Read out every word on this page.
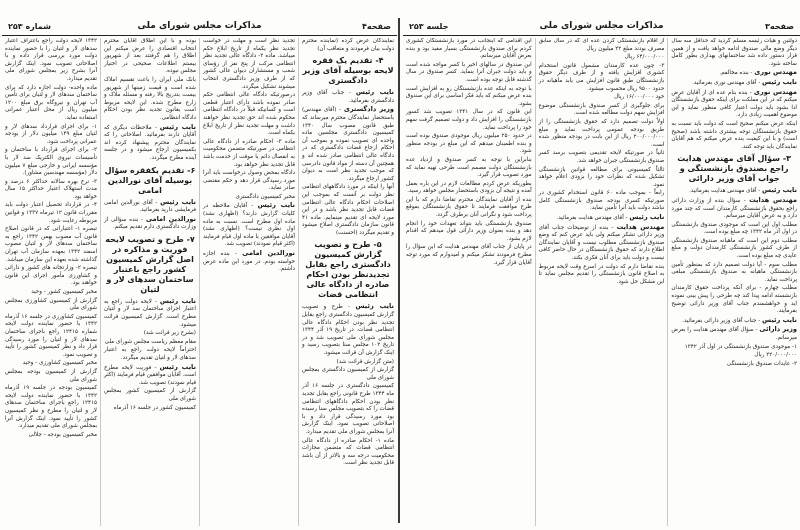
صفحه۴
مذاکرات مجلس شورای ملی
شماره ۲۵۳

نمایندگان عرض کرده (نماینده محترم دولت بیان فرمودند و متعاقب آن)

۴- تقدیم یک فقره لایحه بوسیله آقای وزیر دادگستری

نایب رئیس - جناب آقای وزیر دادگستری بفرمائید.

وزیر دادگستری - (آقای مهندس) باستحضار نمایندگان محترم میرساند که طبق قانون مصوب سال ۱۳۴۰ کمیسیون دادگستری مجلسین ماده واحده ای تصویب نموده و بموجب آن احکام ارجاع قضات دادگستری که در دادگاه عالی انتظامی صادر شده اند و همچنین آن دسته از مواد قانون دادرسی که موجب تجدید نظر است به دیوان کشور ارجاع میگردد.

آنها را اینکه در مورد دادگاههای انتظامی نظر دولت بر آنست که بموجب این اصلاحات احکام دادگاه عالی انتظامی قضات قابل تجدید نظر باشد و در این مورد لایحه ای تقدیم مینمایم. ماده ۴۱ قانون سازمان دادگستری اصلاح میشود و تقدیم میگردد (احسنت)

۵- طرح و تصویب گزارش کمیسیون دادگستری راجع بقابل تجدیدنظر بودن احکام صادره از دادگاه عالی انتظامی قضات

نایب رئیس - طرح و تصویب گزارش کمیسیون دادگستری راجع بقابل تجدید نظر بودن احکام دادگاه عالی انتظامی قضات. در تاریخ ۱۹ آذر ۱۳۴۴ مجلس شورای ملی تصویب شد و در تاریخ ۱۰۲ مجلس سنا بتصویب رسید و اینک گزارش آن قرائت میشود.

(متن گزارش قرائت شد)

گزارش از کمیسیون دادگستری بمجلس شورای ملی

کمیسیون دادگستری در جلسه ۱۶ آذر ماه ۱۳۴۴ طرح قانونی راجع بقابل تجدید نظر بودن احکام دادگاههای انتظامی قضات را که بتصویب مجلس سنا رسیده بود مورد رسیدگی قرار داد و با اصلاحاتی تصویب نمود. اینک گزارش آنرا بمجلس شورای ملی تقدیم میدارد.

ماده ۱- احکام صادره از دادگاه عالی انتظامی قضات که متضمن مجازات محکومیت درجه سه و بالاتر از آن باشد قابل تجدید نظر است.

تجدید نظر است و مهلت در خواست تجدید نظر یکماه از تاریخ ابلاغ حکم میباشد. ماده ۲- دادگاه عالی تجدید نظر انتظامی مرکب از پنج نفر از رؤسای شعب و مستشاران دیوان عالی کشور که از طرف وزیر دادگستری انتخاب میشوند تشکیل میگردد.

درصورتیکه دادگاه عالی انتظامی حکم صادر نموده باشد دارای اعتبار قطعی است و کسانیکه قبلاً در دادگاه انتظامی محکوم شده اند حق تجدید نظر خواهند داشت و مهلت تجدید نظر از تاریخ ابلاغ یکماه است.

ماده ۳- احکام صادره از دادگاه عالی انتظامی در صورتیکه متضمن محکومیت به انفصال دائم یا موقت از خدمت باشد قابل تجدید نظر خواهد بود.

دادگاه بمحض وصول درخواست باید آنرا مورد رسیدگی قرار دهد و حکم مقتضی صادر نماید.

مخبر کمیسیون دادگستری

نایب رئیس - آقایان ملاحظه در کلیات گزارش دارند؟ (اظهاری نشد) ماده اول مطرح است. نسبت به ماده اول نظری نیست؟ (اظهاری نشد) آقایان موافقین با ماده اول قیام فرمایند (اکثر قیام نمودند) تصویب شد.

نورالدین امامی - بنده اجازه خواسته بودم. در مورد این ماده عرض داشتم.

بوده و با این اطلاق آقایان محترم انتخاب اقتصادی را عرض میکنم این اطلاق را هم گرفتند بعد از شهریور بیستم اطلاعات صحیحی در اختیار مجلس نبوده.

بانک ملی ایران را باعث تقسیم املاک شده است و قیمت زمینها از شهریور بیست بتدریج بالا رفته و مسئله ملاک و زارع مطرح شده. این لایحه مربوط است بقانون تجدید نظر بودن احکام دادگاه انتظامی.

نایب رئیس - ملاحظات دیگری که آقایان دارند بفرمائید. اصلاحاتی را که نمایندگان محترم پیشنهاد کرده اند بکمیسیون ارجاع میشود و در جلسه آینده مطرح میگردد.

۶- تقدیم یکفقره سؤال بوسیله آقای نورالدین امامی

نایب رئیس - آقای نورالدین امامی فرمایشی دارید بفرمائید.

نورالدین امامی - بنده سؤالی از وزارت دادگستری دارم تقدیم میکنم.

۷- طرح و تصویب لایحه فوریت و مذاکره در اصل گزارش کمیسیون کشور راجع باعتبار ساختمان سدهای لار و لتیان

نایب رئیس - لایحه دولت راجع به اعتبار اجرای ساختمان سد لار و لتیان مطرح است. گزارش کمیسیون قرائت میشود.

(بشرح زیر قرائت شد)

مقام معظم ریاست مجلس شورای ملی

احتراماً لایحه دولت راجع به اعتبار سدهای لار و لتیان تقدیم میگردد.

نایب رئیس - فوریت لایحه مطرح است. آقایان موافقین قیام فرمایند (اکثر قیام نمودند) تصویب شد.

گزارش از کمیسیون کشور بمجلس شورای ملی

کمیسیون کشور در جلسه ۱۶ آذرماه

۱۳۴۲ لایحه دولت راجع باعتراف اعتبار سدهای لار و لتیان را با حضور نماینده دولت مورد بررسی قرار داده و با اصلاحاتی تصویب نمود. اینک گزارش آنرا بشرح زیر بمجلس شورای ملی تقدیم میدارد.

ماده واحده- دولت اجازه دارد که برای ساختمان سدهای لار و لتیان برای تأمین آب تهران و نیروگاه برق مبلغ ۱۲۰۰ میلیون ریال از محل اعتبار عمرانی استفاده نماید.

۱- برای اجرای قرارداد سدهای لار و لتیان مبلغ ۱۴۹ میلیون دلار از بودجه عمرانی پرداخت شود.

۲- برای اجرای قرارداد با ساختمان و تأسیسات نیروی الکتریک سد لار با مؤسسه ایرانی و خارجی مبلغ ۷ میلیون دلار (مؤسسه مهندسین مشاور).

۳- نرخ بهره سالانه حداکثر ۶ درصد و مدت استهلاک اعتبار حداکثر ۱۵ سال خواهد بود.

۴- در قرارداد تحصیل اعتبار دولت باید مقررات قانون ۱۲ تیرماه ۱۳۳۷ و قوانین مربوطه رعایت شود.

تبصره ۱- اعتباراتی که در قانون اصلاح قانون آب مصوب بهمن ۱۳۴۲ راجع به ساختمان سدهای لار و لتیان مصوب اسفند ۱۳۴۲ بعهده سازمان آب تهران گذاشته شده بعهده این سازمان میباشد.

تبصره ۲- وزارتخانه های کشور و دارائی و کشاورزی مأمور اجرای این قانون خواهند بود.

مخبر کمیسیون کشور - وحید

گزارش از کمیسیون کشاورزی بمجلس شورای ملی

کمیسیون کشاورزی در جلسه ۱۶ آذرماه ۱۳۴۲ با حضور نماینده دولت لایحه شماره ۱۲۴۱۵ راجع باجرای ساختمان سدهای لار و لتیان را مورد رسیدگی قرار داد و نظر کمیسیون کشور را تأیید و تصویب نمود.

مخبر کمیسیون کشاورزی - وحید

گزارش از کمیسیون بودجه بمجلس شورای ملی

کمیسیون بودجه در جلسه ۱۹ آذرماه ۱۳۴۲ با حضور نماینده دولت لایحه ۱۲۴۱۵ راجع باجرای ساختمان سدهای لار و لتیان را مطرح و نظر کمیسیون کشور را تأیید نمود. اینک گزارش آنرا بمجلس شورای ملی تقدیم میدارد.

مخبر کمیسیون بودجه - جلالی

صفحه۳
مذاکرات مجلس شورای ملی
جلسه ۲۵۳

دولتین و هیأت رئیسه مسلم گردید که حداقل سه سال دیگر وضع مالی صندوق ادامه خواهد یافت و از همین قرار دستور داده شد ساختمانهای بهداری بطور کامل ساخته شود.

مهندس نوری - بنده مخالفم.

نایب رئیس - آقای مهندس نوری بفرمائید.

مهندس نوری - بنده بنام عده ای از آقایان عرض میکنم که در این مملکت برای اینکه حقوق بازنشستگان ادا بشود باید دولت اعتبار کافی منظور نماید و این موضوع اهمیت زیادی دارد.

اینکه عرض میکنم صحیح است که دولت باید نسبت به حقوق بازنشستگان توجه بیشتری داشته باشد (صحیح است) و با این کیفیت بنده عرض میکنم که هم آقایان نمایندگان باید توجه کنند.

۳- سؤال آقای مهندس هدایت راجع بصندوق بازنشستگی و جواب آقای وزیر دارائی

نایب رئیس - آقای مهندس هدایت بفرمائید.

مهندس هدایت - سؤال بنده از وزارت دارائی راجع بحقوق بازنشستگی کارمندان است که چند مورد دارد و به عرض آقایان میرسانم.

مطلب اول این است که موجودی صندوق بازنشستگی در اول آذر ماه ۱۳۴۲ چه مبلغ بوده است.

مطلب دوم این است که ماهیانه صندوق بازنشستگی از طرف کشور بازنشستگی کارمندان دولت و مبلغ عایدی چه مبلغ بوده است.

مطلب سوم - آیا دولت تصمیم دارد که بمنظور تأمین بازنشستگی ماهیانه به صندوق بازنشستگی مبلغی پرداخت نماید.

مطلب چهارم - برای آنکه پرداخت حقوق کارمندان بازنشسته ادامه پیدا کند چه طرحی را پیش بینی نموده اید و خواهشمندم جناب آقای وزیر دارائی توضیح بفرمایند.

نایب رئیس - جناب آقای وزیر دارائی بفرمائید.

وزیر دارائی - سؤال آقای مهندس هدایت را بعرض میرسانم.

۱- موجودی صندوق بازنشستگی در اول آذر ۱۳۴۲

۲۲۰/۰۰۰/۰۰۰ ریال

۲- عایدات صندوق بازنشستگی

از اقلام بازنشستگی کردن عده ای که در سال سابق مصرف بودند مبلغ ۲۲ میلیون ریال

۶۴/۰۰۰/۰۰۰ ریال

۳- چون عده کارمندان مشمول قانون استخدام کشوری افزایش یافته و از طرف دیگر حقوق بازنشستگان طبق قانون افزایش می یابد ماهیانه در حدود ۹۵۰۰ ریال محسوب میشود.

خود ۱۶/۰۰۰/۰۰۰ ریال

برای جلوگیری از کسر صندوق بازنشستگی موضوع افزایش سهم دولت مطالعه شده است.

اولاً دولت تصمیم دارد که حقوق بازنشستگی را از طریق بودجه عمومی پرداخت نماید و مبلغ ۲۰۰/۰۰۰/۰۰۰ ریال از این بابت در بودجه منظور شده است.

ثانیاً در صورتیکه لایحه تقدیمی بتصویب برسد کسر صندوق بازنشستگی جبران خواهد شد.

ثالثاً کمیسیونی برای مطالعه قوانین بازنشستگی تشکیل شده که نظرات خود را بزودی اعلام خواهد نمود.

رابعاً - بموجب ماده ۶۰ قانون استخدام کشوری در صورتیکه کسری بودجه صندوق بازنشستگی کامل نباشد دولت باید آنرا تأمین نماید.

نایب رئیس - آقای مهندس هدایت بفرمائید.

مهندس هدایت - بنده از توضیحات جناب آقای وزیر دارائی تشکر میکنم ولی باید عرض کنم که وضع صندوق بازنشستگی مطلوب نیست و آقایان نمایندگان اطلاع دارند که حقوق بازنشستگان در حال حاضر کافی نیست و دولت باید برای آنان فکری بکند.

بنده تقاضا دارم که دولت در اسرع وقت لایحه مربوط به اصلاح قانون بازنشستگی را تقدیم مجلس نماید تا این مشکل حل شود.

این اقدامی که اینجانب در مورد بازنشستگان کشوری کردم برای صندوق بازنشستگی بسیار مفید بود و بنده بعرض آقایان میرسانم.

این صندوق در سالهای اخیر با کسر مواجه شده است و باید دولت جبران آنرا بنماید. کسر صندوق در سال گذشته قابل توجه بوده است.

با توجه به اینکه عده بازنشستگان رو به افزایش است بنده عرض میکنم که باید فکر اساسی برای این صندوق بشود.

این قانون که در سال ۱۳۴۱ تصویب شد کسور بازنشستگی را افزایش داد و دولت تصمیم گرفت سهم خود را پرداخت نماید.

در حدود ۲۵۰ میلیون ریال موجودی صندوق بوده است و بنده اطمینان میدهم که این مبلغ در بودجه منظور شود.

بنابراین با توجه به کسر صندوق و ازدیاد عده بازنشستگان دولت مصمم است طرحی تهیه نماید که مورد تصویب قرار گیرد.

بطوریکه عرض کردم مطالعات لازم در این باره بعمل آمده و نتیجه آن بزودی باستحضار مجلس خواهد رسید.

بنده از آقایان نمایندگان محترم تقاضا دارم که با این طرح موافقت فرمایند تا حقوق بازنشستگان بموقع پرداخت شود و نگرانی آنان برطرف گردد.

صندوق بازنشستگی باید بتواند تعهدات خود را انجام دهد و بنده بعنوان وزیر دارائی قول میدهم که اقدام لازم بشود.

در پایان از جناب آقای مهندس هدایت که این سؤال را مطرح فرمودند تشکر میکنم و امیدوارم که مورد توجه آقایان قرار گیرد.
